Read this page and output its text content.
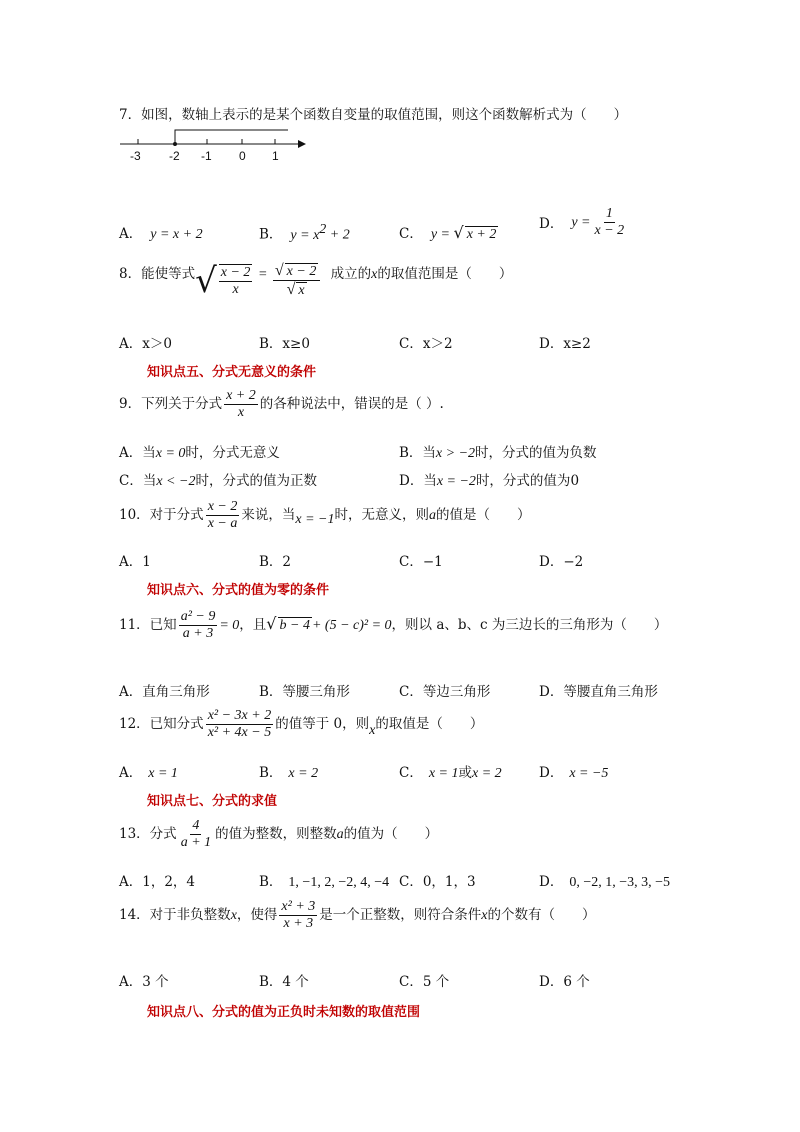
7．如图，数轴上表示的是某个函数自变量的取值范围，则这个函数解析式为（　　）
-3 -2 -1 0 1
A． y = x + 2	B． $y = x^2 + 2$	C． y = √ x + 2
D． $y = \frac{1}{x - 2}$
8．能使等式√ $\frac{x - 2}{x} = \frac{√ x - 2}{√ x}$ 成立的x的取值范围是（　　）
A．x＞0	B．x≥0	C．x＞2	D．x≥2
知识点五、分式无意义的条件
9．下列关于分式 $\frac{x + 2}{x}$ 的各种说法中，错误的是（ ）.
A．当x = 0时，分式无意义	B．当x > −2时，分式的值为负数
C．当x < −2时，分式的值为正数	D．当x = −2时，分式的值为0
10．对于分式 $\frac{x - 2}{x - a}$ 来说，当x = −1时，无意义，则a的值是（　　）
A．1	B．2	C．−1	D．−2
知识点六、分式的值为零的条件
11．已知 $\frac{\text{a² − 9}}{a + 3} = 0$，且√ b − 4 + (5 − c)² = 0，则以 a、b、c 为三边长的三角形为（　　）
A．直角三角形	B．等腰三角形	C．等边三角形	D．等腰直角三角形
12．已知分式 $\frac{\text{x² − 3x + 2}}{\text{x² + 4x − 5}}$ 的值等于 0，则x的取值是（　　）
A． x = 1	B． x = 2	C． x = 1或x = 2	D． x = −5
知识点七、分式的求值
13．分式 $\frac{4}{a + 1}$ 的值为整数，则整数a的值为（　　）
A．1，2，4	B． 1, −1, 2, −2, 4, −4 C．0，1，3	D． 0, −2, 1, −3, 3, −5
14．对于非负整数x，使得 $\frac{\text{x² + 3}}{x + 3}$ 是一个正整数，则符合条件x的个数有（　　）
A．3 个	B．4 个	C．5 个	D．6 个
知识点八、分式的值为正负时未知数的取值范围
